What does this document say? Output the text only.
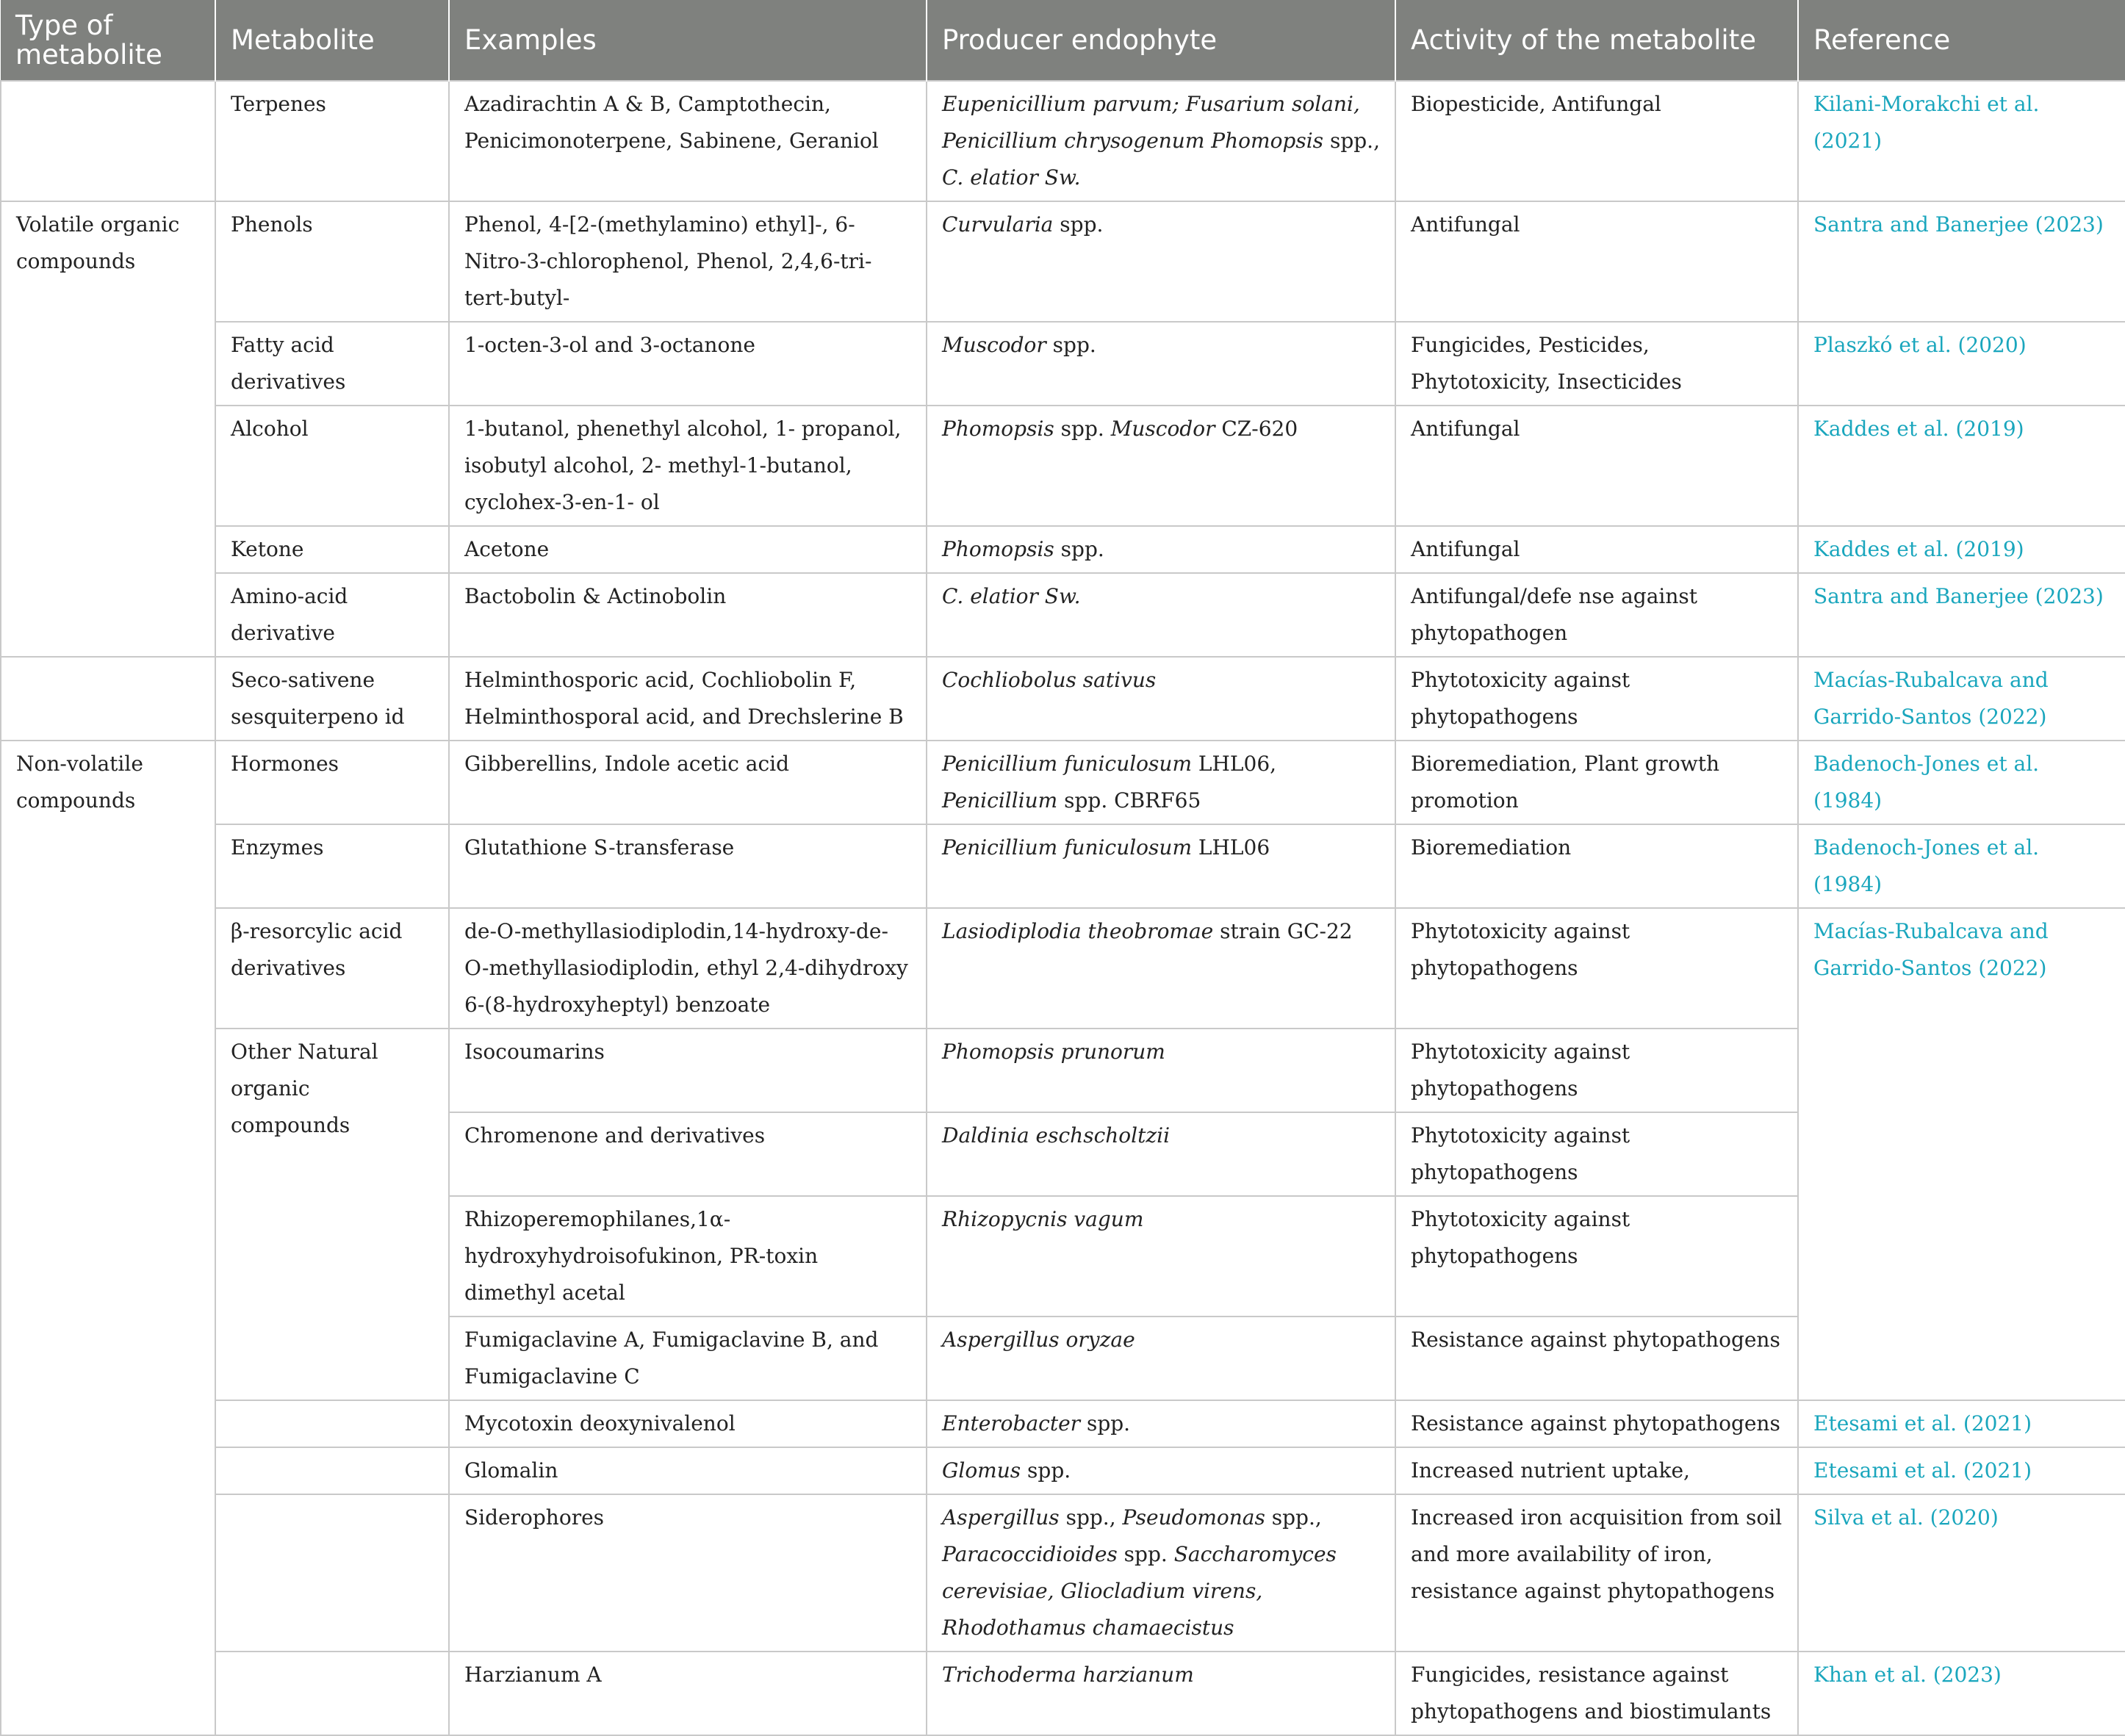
Type of metabolite	Metabolite	Examples	Producer endophyte	Activity of the metabolite	Reference
	Terpenes	Azadirachtin A & B, Camptothecin, Penicimonoterpene, Sabinene, Geraniol	Eupenicillium parvum; Fusarium solani, Penicillium chrysogenum Phomopsis spp., C. elatior Sw.	Biopesticide, Antifungal	Kilani-Morakchi et al. (2021)
Volatile organic compounds	Phenols	Phenol, 4-[2-(methylamino) ethyl]-, 6-Nitro-3-chlorophenol, Phenol, 2,4,6-tri-tert-butyl-	Curvularia spp.	Antifungal	Santra and Banerjee (2023)
	Fatty acid derivatives	1-octen-3-ol and 3-octanone	Muscodor spp.	Fungicides, Pesticides, Phytotoxicity, Insecticides	Plaszkó et al. (2020)
	Alcohol	1-butanol, phenethyl alcohol, 1- propanol, isobutyl alcohol, 2- methyl-1-butanol, cyclohex-3-en-1- ol	Phomopsis spp. Muscodor CZ-620	Antifungal	Kaddes et al. (2019)
	Ketone	Acetone	Phomopsis spp.	Antifungal	Kaddes et al. (2019)
	Amino-acid derivative	Bactobolin & Actinobolin	C. elatior Sw.	Antifungal/defe nse against phytopathogen	Santra and Banerjee (2023)
	Seco-sativene sesquiterpeno id	Helminthosporic acid, Cochliobolin F, Helminthosporal acid, and Drechslerine B	Cochliobolus sativus	Phytotoxicity against phytopathogens	Macías-Rubalcava and Garrido-Santos (2022)
Non-volatile compounds	Hormones	Gibberellins, Indole acetic acid	Penicillium funiculosum LHL06, Penicillium spp. CBRF65	Bioremediation, Plant growth promotion	Badenoch-Jones et al. (1984)
	Enzymes	Glutathione S-transferase	Penicillium funiculosum LHL06	Bioremediation	Badenoch-Jones et al. (1984)
	β-resorcylic acid derivatives	de-O-methyllasiodiplodin,14-hydroxy-de-O-methyllasiodiplodin, ethyl 2,4-dihydroxy 6-(8-hydroxyheptyl) benzoate	Lasiodiplodia theobromae strain GC-22	Phytotoxicity against phytopathogens	Macías-Rubalcava and Garrido-Santos (2022)
	Other Natural organic compounds	Isocoumarins	Phomopsis prunorum	Phytotoxicity against phytopathogens	
		Chromenone and derivatives	Daldinia eschscholtzii	Phytotoxicity against phytopathogens	
		Rhizoperemophilanes,1α- hydroxyhydroisofukinon, PR-toxin dimethyl acetal	Rhizopycnis vagum	Phytotoxicity against phytopathogens	
		Fumigaclavine A, Fumigaclavine B, and Fumigaclavine C	Aspergillus oryzae	Resistance against phytopathogens	
		Mycotoxin deoxynivalenol	Enterobacter spp.	Resistance against phytopathogens	Etesami et al. (2021)
		Glomalin	Glomus spp.	Increased nutrient uptake,	Etesami et al. (2021)
		Siderophores	Aspergillus spp., Pseudomonas spp., Paracoccidioides spp. Saccharomyces cerevisiae, Gliocladium virens, Rhodothamus chamaecistus	Increased iron acquisition from soil and more availability of iron, resistance against phytopathogens	Silva et al. (2020)
		Harzianum A	Trichoderma harzianum	Fungicides, resistance against phytopathogens and biostimulants	Khan et al. (2023)
